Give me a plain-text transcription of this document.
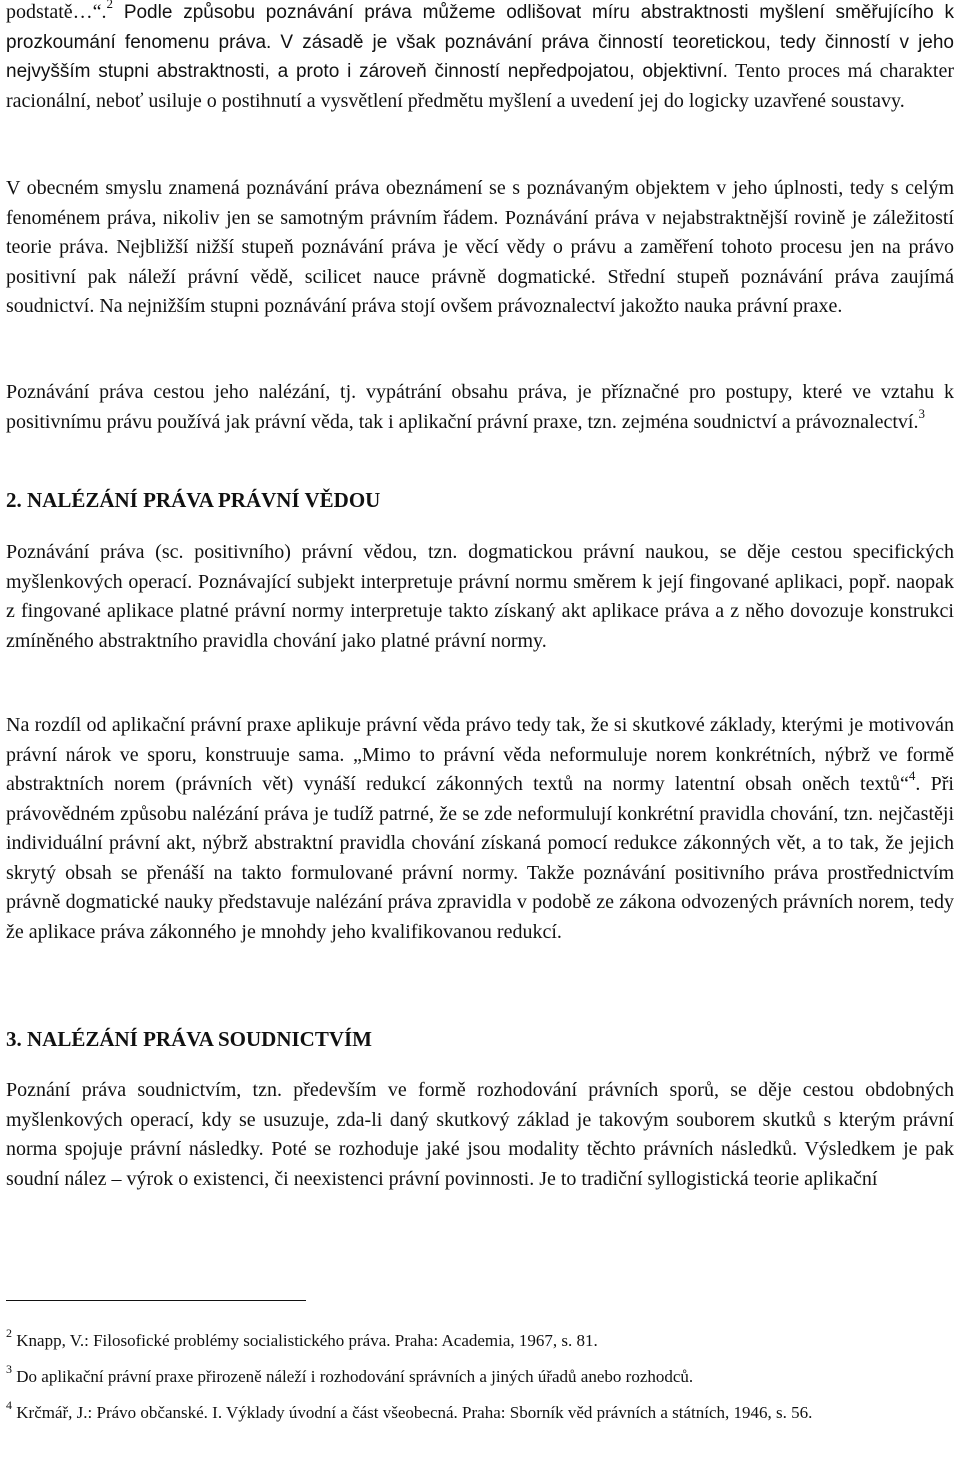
podstatě…“.$^2$ Podle způsobu poznávání práva můžeme odlišovat míru abstraktnosti myšlení směřujícího k prozkoumání fenomenu práva. V zásadě je však poznávání práva činností teoretickou, tedy činností v jeho nejvyšším stupni abstraktnosti, a proto i zároveň činností nepředpojatou, objektivní. Tento proces má charakter racionální, neboť usiluje o postihnutí a vysvětlení předmětu myšlení a uvedení jej do logicky uzavřené soustavy.

V obecném smyslu znamená poznávání práva obeznámení se s poznávaným objektem v jeho úplnosti, tedy s celým fenoménem práva, nikoliv jen se samotným právním řádem. Poznávání práva v nejabstraktnější rovině je záležitostí teorie práva. Nejbližší nižší stupeň poznávání práva je věcí vědy o právu a zaměření tohoto procesu jen na právo positivní pak náleží právní vědě, scilicet nauce právně dogmatické. Střední stupeň poznávání práva zaujímá soudnictví. Na nejnižším stupni poznávání práva stojí ovšem právoznalectví jakožto nauka právní praxe.

Poznávání práva cestou jeho nalézání, tj. vypátrání obsahu práva, je příznačné pro postupy, které ve vztahu k positivnímu právu používá jak právní věda, tak i aplikační právní praxe, tzn. zejména soudnictví a právoznalectví.$^3$

2. NALÉZÁNÍ PRÁVA PRÁVNÍ VĚDOU

Poznávání práva (sc. positivního) právní vědou, tzn. dogmatickou právní naukou, se děje cestou specifických myšlenkových operací. Poznávající subjekt interpretuje právní normu směrem k její fingované aplikaci, popř. naopak z fingované aplikace platné právní normy interpretuje takto získaný akt aplikace práva a z něho dovozuje konstrukci zmíněného abstraktního pravidla chování jako platné právní normy.

Na rozdíl od aplikační právní praxe aplikuje právní věda právo tedy tak, že si skutkové základy, kterými je motivován právní nárok ve sporu, konstruuje sama. „Mimo to právní věda neformuluje norem konkrétních, nýbrž ve formě abstraktních norem (právních vět) vynáší redukcí zákonných textů na normy latentní obsah oněch textů“$^4$. Při právovědném způsobu nalézání práva je tudíž patrné, že se zde neformulují konkrétní pravidla chování, tzn. nejčastěji individuální právní akt, nýbrž abstraktní pravidla chování získaná pomocí redukce zákonných vět, a to tak, že jejich skrytý obsah se přenáší na takto formulované právní normy. Takže poznávání positivního práva prostřednictvím právně dogmatické nauky představuje nalézání práva zpravidla v podobě ze zákona odvozených právních norem, tedy že aplikace práva zákonného je mnohdy jeho kvalifikovanou redukcí.

3. NALÉZÁNÍ PRÁVA SOUDNICTVÍM

Poznání práva soudnictvím, tzn. především ve formě rozhodování právních sporů, se děje cestou obdobných myšlenkových operací, kdy se usuzuje, zda-li daný skutkový základ je takovým souborem skutků s kterým právní norma spojuje právní následky. Poté se rozhoduje jaké jsou modality těchto právních následků. Výsledkem je pak soudní nález – výrok o existenci, či neexistenci právní povinnosti. Je to tradiční syllogistická teorie aplikační

$^2$ Knapp, V.: Filosofické problémy socialistického práva. Praha: Academia, 1967, s. 81.

$^3$ Do aplikační právní praxe přirozeně náleží i rozhodování správních a jiných úřadů anebo rozhodců.

$^4$ Krčmář, J.: Právo občanské. I. Výklady úvodní a část všeobecná. Praha: Sborník věd právních a státních, 1946, s. 56.
